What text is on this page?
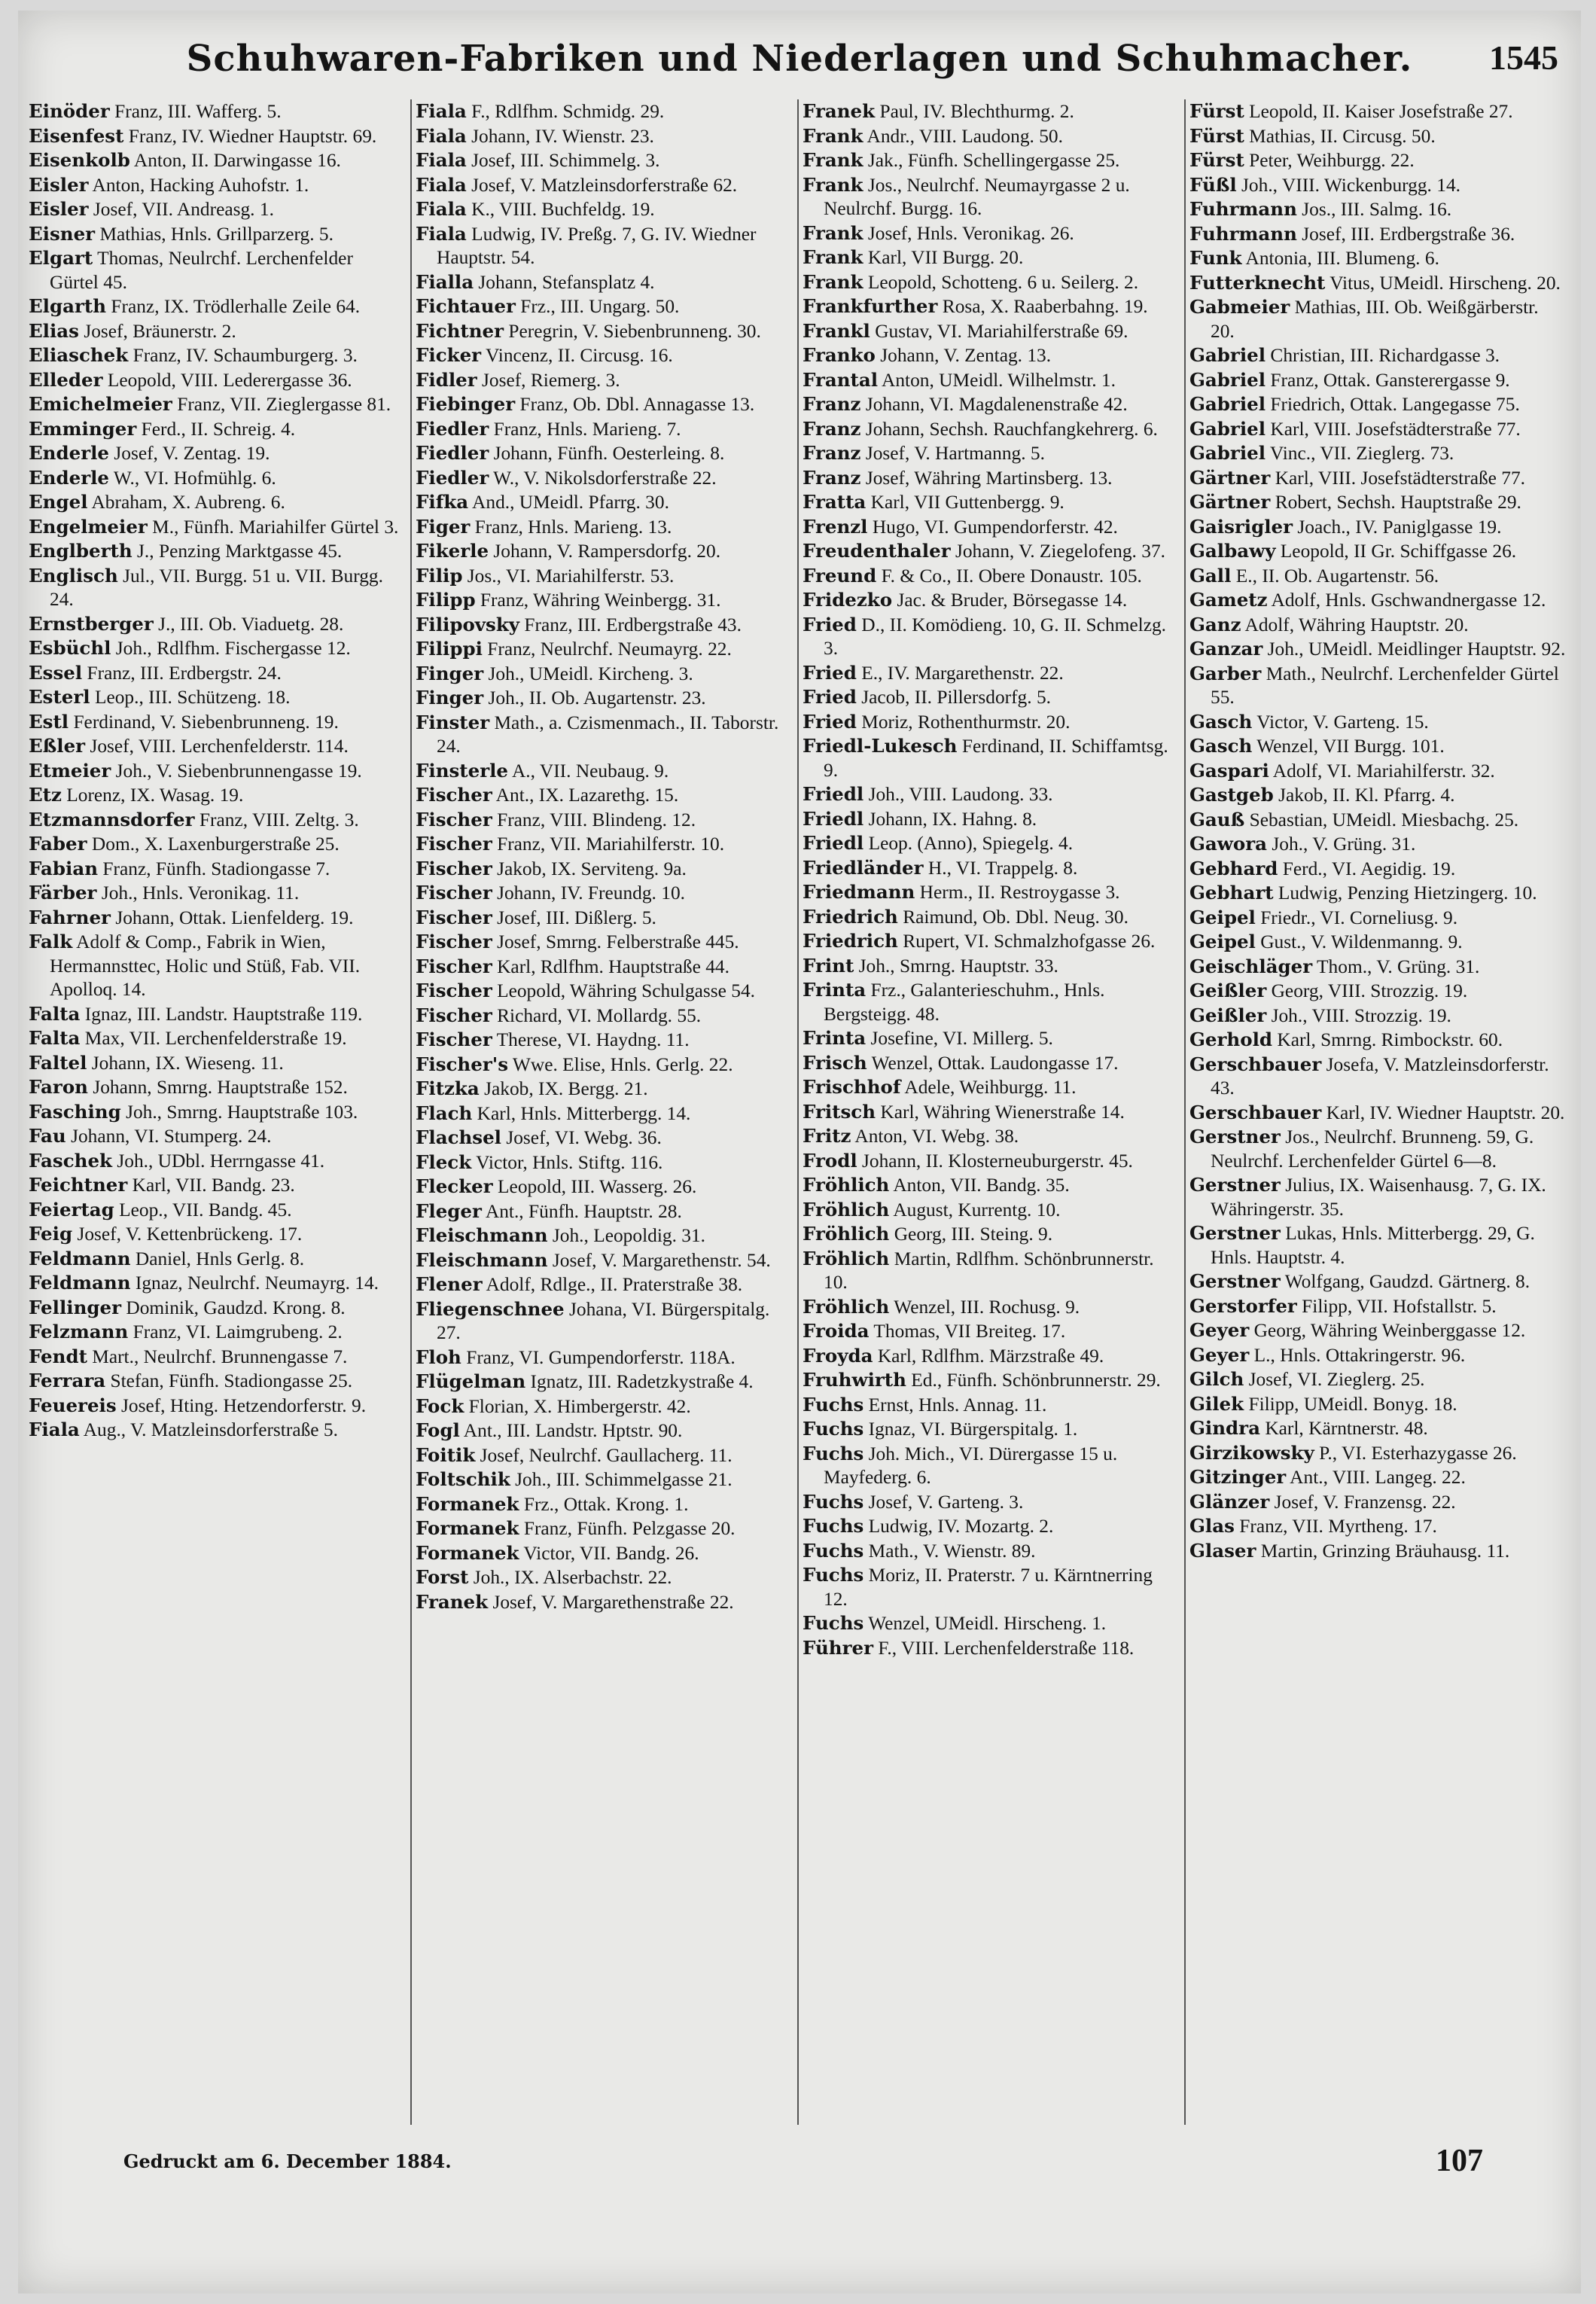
Schuhwaren-Fabriken und Niederlagen und Schuhmacher.	1545

Einöder Franz, III. Wafferg. 5.

Eisenfest Franz, IV. Wiedner Hauptstr. 69.

Eisenkolb Anton, II. Darwingasse 16.

Eisler Anton, Hacking Auhofstr. 1.

Eisler Josef, VII. Andreasg. 1.

Eisner Mathias, Hnls. Grillparzerg. 5.

Elgart Thomas, Neulrchf. Lerchenfelder Gürtel 45.

Elgarth Franz, IX. Trödlerhalle Zeile 64.

Elias Josef, Bräunerstr. 2.

Eliaschek Franz, IV. Schaumburgerg. 3.

Elleder Leopold, VIII. Lederergasse 36.

Emichelmeier Franz, VII. Zieglergasse 81.

Emminger Ferd., II. Schreig. 4.

Enderle Josef, V. Zentag. 19.

Enderle W., VI. Hofmühlg. 6.

Engel Abraham, X. Aubreng. 6.

Engelmeier M., Fünfh. Mariahilfer Gürtel 3.

Englberth J., Penzing Marktgasse 45.

Englisch Jul., VII. Burgg. 51 u. VII. Burgg. 24.

Ernstberger J., III. Ob. Viaduetg. 28.

Esbüchl Joh., Rdlfhm. Fischergasse 12.

Essel Franz, III. Erdbergstr. 24.

Esterl Leop., III. Schützeng. 18.

Estl Ferdinand, V. Siebenbrunneng. 19.

Eßler Josef, VIII. Lerchenfelderstr. 114.

Etmeier Joh., V. Siebenbrunnengasse 19.

Etz Lorenz, IX. Wasag. 19.

Etzmannsdorfer Franz, VIII. Zeltg. 3.

Faber Dom., X. Laxenburgerstraße 25.

Fabian Franz, Fünfh. Stadiongasse 7.

Färber Joh., Hnls. Veronikag. 11.

Fahrner Johann, Ottak. Lienfelderg. 19.

Falk Adolf & Comp., Fabrik in Wien, Hermannsttec, Holic und Stüß, Fab. VII. Apolloq. 14.

Falta Ignaz, III. Landstr. Hauptstraße 119.

Falta Max, VII. Lerchenfelderstraße 19.

Faltel Johann, IX. Wieseng. 11.

Faron Johann, Smrng. Hauptstraße 152.

Fasching Joh., Smrng. Hauptstraße 103.

Fau Johann, VI. Stumperg. 24.

Faschek Joh., UDbl. Herrngasse 41.

Feichtner Karl, VII. Bandg. 23.

Feiertag Leop., VII. Bandg. 45.

Feig Josef, V. Kettenbrückeng. 17.

Feldmann Daniel, Hnls Gerlg. 8.

Feldmann Ignaz, Neulrchf. Neumayrg. 14.

Fellinger Dominik, Gaudzd. Krong. 8.

Felzmann Franz, VI. Laimgrubeng. 2.

Fendt Mart., Neulrchf. Brunnengasse 7.

Ferrara Stefan, Fünfh. Stadiongasse 25.

Feuereis Josef, Hting. Hetzendorferstr. 9.

Fiala Aug., V. Matzleinsdorferstraße 5.

Fiala F., Rdlfhm. Schmidg. 29.

Fiala Johann, IV. Wienstr. 23.

Fiala Josef, III. Schimmelg. 3.

Fiala Josef, V. Matzleinsdorferstraße 62.

Fiala K., VIII. Buchfeldg. 19.

Fiala Ludwig, IV. Preßg. 7, G. IV. Wiedner Hauptstr. 54.

Fialla Johann, Stefansplatz 4.

Fichtauer Frz., III. Ungarg. 50.

Fichtner Peregrin, V. Siebenbrunneng. 30.

Ficker Vincenz, II. Circusg. 16.

Fidler Josef, Riemerg. 3.

Fiebinger Franz, Ob. Dbl. Annagasse 13.

Fiedler Franz, Hnls. Marieng. 7.

Fiedler Johann, Fünfh. Oesterleing. 8.

Fiedler W., V. Nikolsdorferstraße 22.

Fifka And., UMeidl. Pfarrg. 30.

Figer Franz, Hnls. Marieng. 13.

Fikerle Johann, V. Rampersdorfg. 20.

Filip Jos., VI. Mariahilferstr. 53.

Filipp Franz, Währing Weinbergg. 31.

Filipovsky Franz, III. Erdbergstraße 43.

Filippi Franz, Neulrchf. Neumayrg. 22.

Finger Joh., UMeidl. Kircheng. 3.

Finger Joh., II. Ob. Augartenstr. 23.

Finster Math., a. Czismenmach., II. Taborstr. 24.

Finsterle A., VII. Neubaug. 9.

Fischer Ant., IX. Lazarethg. 15.

Fischer Franz, VIII. Blindeng. 12.

Fischer Franz, VII. Mariahilferstr. 10.

Fischer Jakob, IX. Serviteng. 9a.

Fischer Johann, IV. Freundg. 10.

Fischer Josef, III. Dißlerg. 5.

Fischer Josef, Smrng. Felberstraße 445.

Fischer Karl, Rdlfhm. Hauptstraße 44.

Fischer Leopold, Währing Schulgasse 54.

Fischer Richard, VI. Mollardg. 55.

Fischer Therese, VI. Haydng. 11.

Fischer's Wwe. Elise, Hnls. Gerlg. 22.

Fitzka Jakob, IX. Bergg. 21.

Flach Karl, Hnls. Mitterbergg. 14.

Flachsel Josef, VI. Webg. 36.

Fleck Victor, Hnls. Stiftg. 116.

Flecker Leopold, III. Wasserg. 26.

Fleger Ant., Fünfh. Hauptstr. 28.

Fleischmann Joh., Leopoldig. 31.

Fleischmann Josef, V. Margarethenstr. 54.

Flener Adolf, Rdlge., II. Praterstraße 38.

Fliegenschnee Johana, VI. Bürgerspitalg. 27.

Floh Franz, VI. Gumpendorferstr. 118A.

Flügelman Ignatz, III. Radetzkystraße 4.

Fock Florian, X. Himbergerstr. 42.

Fogl Ant., III. Landstr. Hptstr. 90.

Foitik Josef, Neulrchf. Gaullacherg. 11.

Foltschik Joh., III. Schimmelgasse 21.

Formanek Frz., Ottak. Krong. 1.

Formanek Franz, Fünfh. Pelzgasse 20.

Formanek Victor, VII. Bandg. 26.

Forst Joh., IX. Alserbachstr. 22.

Franek Josef, V. Margarethenstraße 22.

Franek Paul, IV. Blechthurmg. 2.

Frank Andr., VIII. Laudong. 50.

Frank Jak., Fünfh. Schellingergasse 25.

Frank Jos., Neulrchf. Neumayrgasse 2 u. Neulrchf. Burgg. 16.

Frank Josef, Hnls. Veronikag. 26.

Frank Karl, VII Burgg. 20.

Frank Leopold, Schotteng. 6 u. Seilerg. 2.

Frankfurther Rosa, X. Raaberbahng. 19.

Frankl Gustav, VI. Mariahilferstraße 69.

Franko Johann, V. Zentag. 13.

Frantal Anton, UMeidl. Wilhelmstr. 1.

Franz Johann, VI. Magdalenenstraße 42.

Franz Johann, Sechsh. Rauchfangkehrerg. 6.

Franz Josef, V. Hartmanng. 5.

Franz Josef, Währing Martinsberg. 13.

Fratta Karl, VII Guttenbergg. 9.

Frenzl Hugo, VI. Gumpendorferstr. 42.

Freudenthaler Johann, V. Ziegelofeng. 37.

Freund F. & Co., II. Obere Donaustr. 105.

Fridezko Jac. & Bruder, Börsegasse 14.

Fried D., II. Komödieng. 10, G. II. Schmelzg. 3.

Fried E., IV. Margarethenstr. 22.

Fried Jacob, II. Pillersdorfg. 5.

Fried Moriz, Rothenthurmstr. 20.

Friedl-Lukesch Ferdinand, II. Schiffamtsg. 9.

Friedl Joh., VIII. Laudong. 33.

Friedl Johann, IX. Hahng. 8.

Friedl Leop. (Anno), Spiegelg. 4.

Friedländer H., VI. Trappelg. 8.

Friedmann Herm., II. Restroygasse 3.

Friedrich Raimund, Ob. Dbl. Neug. 30.

Friedrich Rupert, VI. Schmalzhofgasse 26.

Frint Joh., Smrng. Hauptstr. 33.

Frinta Frz., Galanterieschuhm., Hnls. Bergsteigg. 48.

Frinta Josefine, VI. Millerg. 5.

Frisch Wenzel, Ottak. Laudongasse 17.

Frischhof Adele, Weihburgg. 11.

Fritsch Karl, Währing Wienerstraße 14.

Fritz Anton, VI. Webg. 38.

Frodl Johann, II. Klosterneuburgerstr. 45.

Fröhlich Anton, VII. Bandg. 35.

Fröhlich August, Kurrentg. 10.

Fröhlich Georg, III. Steing. 9.

Fröhlich Martin, Rdlfhm. Schönbrunnerstr. 10.

Fröhlich Wenzel, III. Rochusg. 9.

Froida Thomas, VII Breiteg. 17.

Froyda Karl, Rdlfhm. Märzstraße 49.

Fruhwirth Ed., Fünfh. Schönbrunnerstr. 29.

Fuchs Ernst, Hnls. Annag. 11.

Fuchs Ignaz, VI. Bürgerspitalg. 1.

Fuchs Joh. Mich., VI. Dürergasse 15 u. Mayfederg. 6.

Fuchs Josef, V. Garteng. 3.

Fuchs Ludwig, IV. Mozartg. 2.

Fuchs Math., V. Wienstr. 89.

Fuchs Moriz, II. Praterstr. 7 u. Kärntnerring 12.

Fuchs Wenzel, UMeidl. Hirscheng. 1.

Führer F., VIII. Lerchenfelderstraße 118.

Fürst Leopold, II. Kaiser Josefstraße 27.

Fürst Mathias, II. Circusg. 50.

Fürst Peter, Weihburgg. 22.

Füßl Joh., VIII. Wickenburgg. 14.

Fuhrmann Jos., III. Salmg. 16.

Fuhrmann Josef, III. Erdbergstraße 36.

Funk Antonia, III. Blumeng. 6.

Futterknecht Vitus, UMeidl. Hirscheng. 20.

Gabmeier Mathias, III. Ob. Weißgärberstr. 20.

Gabriel Christian, III. Richardgasse 3.

Gabriel Franz, Ottak. Gansterergasse 9.

Gabriel Friedrich, Ottak. Langegasse 75.

Gabriel Karl, VIII. Josefstädterstraße 77.

Gabriel Vinc., VII. Zieglerg. 73.

Gärtner Karl, VIII. Josefstädterstraße 77.

Gärtner Robert, Sechsh. Hauptstraße 29.

Gaisrigler Joach., IV. Paniglgasse 19.

Galbawy Leopold, II Gr. Schiffgasse 26.

Gall E., II. Ob. Augartenstr. 56.

Gametz Adolf, Hnls. Gschwandnergasse 12.

Ganz Adolf, Währing Hauptstr. 20.

Ganzar Joh., UMeidl. Meidlinger Hauptstr. 92.

Garber Math., Neulrchf. Lerchenfelder Gürtel 55.

Gasch Victor, V. Garteng. 15.

Gasch Wenzel, VII Burgg. 101.

Gaspari Adolf, VI. Mariahilferstr. 32.

Gastgeb Jakob, II. Kl. Pfarrg. 4.

Gauß Sebastian, UMeidl. Miesbachg. 25.

Gawora Joh., V. Grüng. 31.

Gebhard Ferd., VI. Aegidig. 19.

Gebhart Ludwig, Penzing Hietzingerg. 10.

Geipel Friedr., VI. Corneliusg. 9.

Geipel Gust., V. Wildenmanng. 9.

Geischläger Thom., V. Grüng. 31.

Geißler Georg, VIII. Strozzig. 19.

Geißler Joh., VIII. Strozzig. 19.

Gerhold Karl, Smrng. Rimbockstr. 60.

Gerschbauer Josefa, V. Matzleinsdorferstr. 43.

Gerschbauer Karl, IV. Wiedner Hauptstr. 20.

Gerstner Jos., Neulrchf. Brunneng. 59, G. Neulrchf. Lerchenfelder Gürtel 6—8.

Gerstner Julius, IX. Waisenhausg. 7, G. IX. Währingerstr. 35.

Gerstner Lukas, Hnls. Mitterbergg. 29, G. Hnls. Hauptstr. 4.

Gerstner Wolfgang, Gaudzd. Gärtnerg. 8.

Gerstorfer Filipp, VII. Hofstallstr. 5.

Geyer Georg, Währing Weinberggasse 12.

Geyer L., Hnls. Ottakringerstr. 96.

Gilch Josef, VI. Zieglerg. 25.

Gilek Filipp, UMeidl. Bonyg. 18.

Gindra Karl, Kärntnerstr. 48.

Girzikowsky P., VI. Esterhazygasse 26.

Gitzinger Ant., VIII. Langeg. 22.

Glänzer Josef, V. Franzensg. 22.

Glas Franz, VII. Myrtheng. 17.

Glaser Martin, Grinzing Bräuhausg. 11.

Gedruckt am 6. December 1884.	107
